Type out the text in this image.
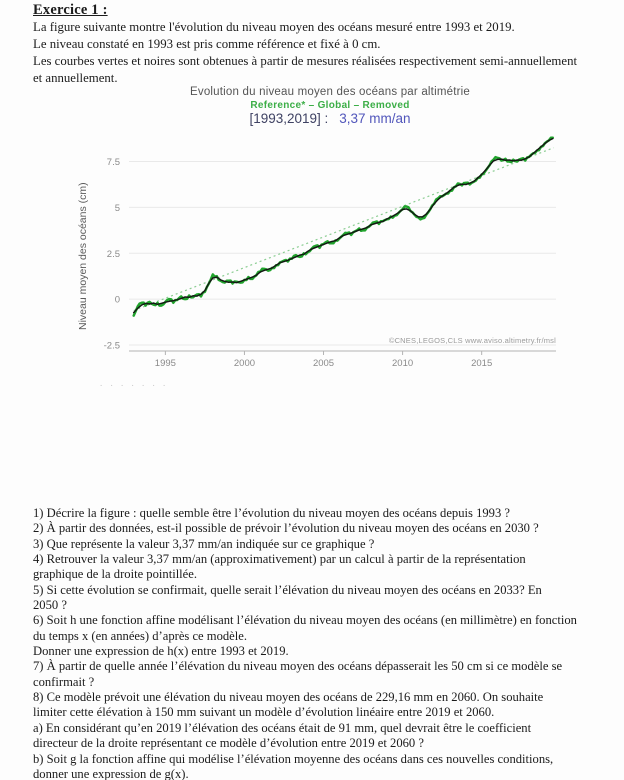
Exercice 1 :
La figure suivante montre l'évolution du niveau moyen des océans mesuré entre 1993 et 2019.
Le niveau constaté en 1993 est pris comme référence et fixé à 0 cm.
Les courbes vertes et noires sont obtenues à partir de mesures réalisées respectivement semi-annuellement
et annuellement.
Evolution du niveau moyen des océans par altimétrie
Reference* – Global – Removed
[1993,2019] : 3,37 mm/an
Niveau moyen des océans (cm)
7.5
5
2.5
0
-2.5
1995	2000	2005	2010	2015
©CNES,LEGOS,CLS www.aviso.altimetry.fr/msl
. . . . . . .
1) Décrire la figure : quelle semble être l’évolution du niveau moyen des océans depuis 1993 ?
2) À partir des données, est-il possible de prévoir l’évolution du niveau moyen des océans en 2030 ?
3) Que représente la valeur 3,37 mm/an indiquée sur ce graphique ?
4) Retrouver la valeur 3,37 mm/an (approximativement) par un calcul à partir de la représentation
graphique de la droite pointillée.
5) Si cette évolution se confirmait, quelle serait l’élévation du niveau moyen des océans en 2033? En
2050 ?
6) Soit h une fonction affine modélisant l’élévation du niveau moyen des océans (en millimètre) en fonction
du temps x (en années) d’après ce modèle.
Donner une expression de h(x) entre 1993 et 2019.
7) À partir de quelle année l’élévation du niveau moyen des océans dépasserait les 50 cm si ce modèle se
confirmait ?
8) Ce modèle prévoit une élévation du niveau moyen des océans de 229,16 mm en 2060. On souhaite
limiter cette élévation à 150 mm suivant un modèle d’évolution linéaire entre 2019 et 2060.
a) En considérant qu’en 2019 l’élévation des océans était de 91 mm, quel devrait être le coefficient
directeur de la droite représentant ce modèle d’évolution entre 2019 et 2060 ?
b) Soit g la fonction affine qui modélise l’élévation moyenne des océans dans ces nouvelles conditions,
donner une expression de g(x).
